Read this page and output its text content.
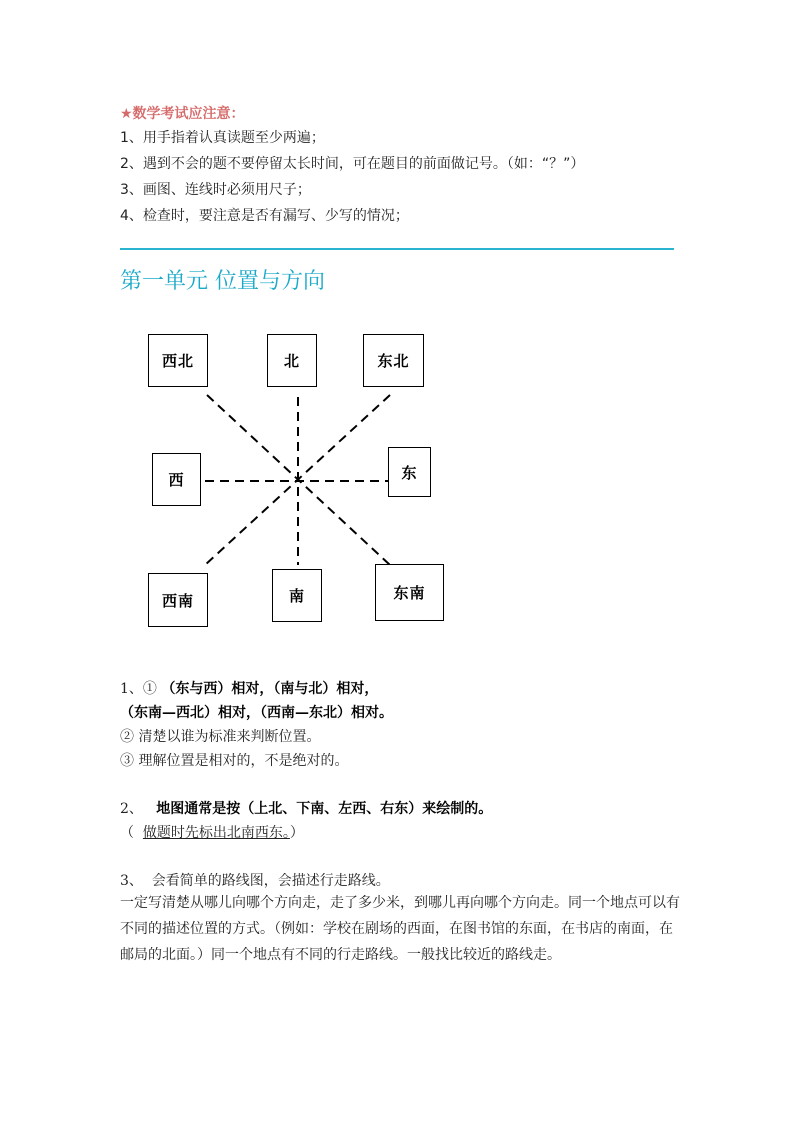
★数学考试应注意：
1、用手指着认真读题至少两遍；
2、遇到不会的题不要停留太长时间，可在题目的前面做记号。（如：“？”）
3、画图、连线时必须用尺子；
4、检查时，要注意是否有漏写、少写的情况；
第一单元 位置与方向
西北	北	东北
西	东
西南	南	东南
1、① （东与西）相对，（南与北）相对，
（东南—西北）相对，（西南—东北）相对。
② 清楚以谁为标准来判断位置。
③ 理解位置是相对的，不是绝对的。
2、   地图通常是按（上北、下南、左西、右东）来绘制的。
（  做题时先标出北南西东。）
3、  会看简单的路线图，会描述行走路线。
一定写清楚从哪儿向哪个方向走，走了多少米，到哪儿再向哪个方向走。同一个地点可以有不同的描述位置的方式。（例如：学校在剧场的西面，在图书馆的东面，在书店的南面，在邮局的北面。）同一个地点有不同的行走路线。一般找比较近的路线走。
